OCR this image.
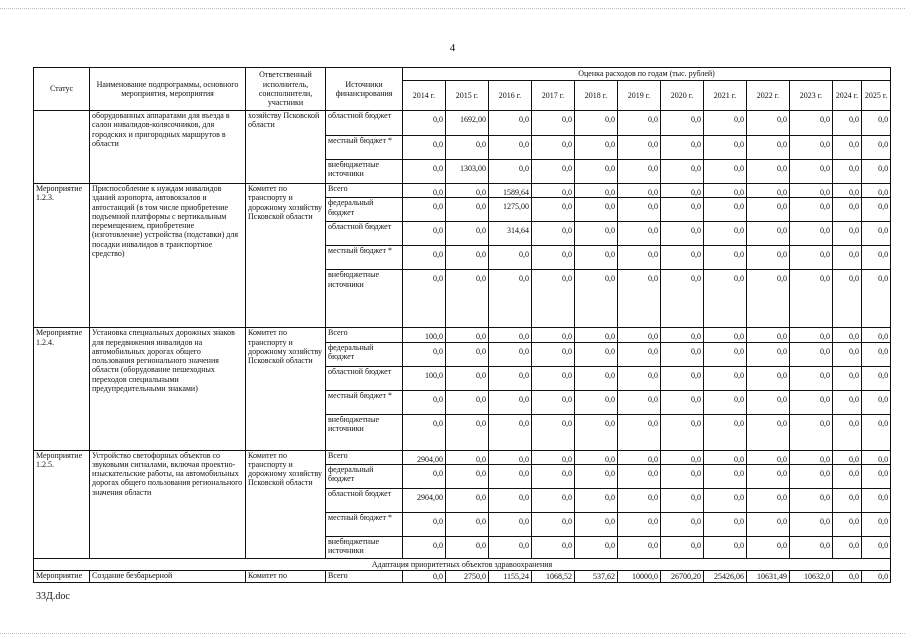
4
Статус	Наименование подпрограммы, основного мероприятия, мероприятия	Ответственный исполнитель, соисполнители, участники	Источники финансирования	Оценка расходов по годам (тыс. рублей)											
				2014 г.	2015 г.	2016 г.	2017 г.	2018 г.	2019 г.	2020 г.	2021 г.	2022 г.	2023 г.	2024 г.	2025 г.
	оборудованных аппаратами для въезда в салон инвалидов-колясочников, для городских и пригородных маршрутов в области	хозяйству Псковской области	областной бюджет	0,0	1692,00	0,0	0,0	0,0	0,0	0,0	0,0	0,0	0,0	0,0	0,0
			местный бюджет *	0,0	0,0	0,0	0,0	0,0	0,0	0,0	0,0	0,0	0,0	0,0	0,0
			внебюджетные источники	0,0	1303,00	0,0	0,0	0,0	0,0	0,0	0,0	0,0	0,0	0,0	0,0
Мероприятие 1.2.3.	Приспособление к нуждам инвалидов зданий аэропорта, автовокзалов и автостанций (в том числе приобретение подъемной платформы с вертикальным перемещением, приобретение (изготовление) устройства (подставки) для посадки инвалидов в транспортное средство)	Комитет по транспорту и дорожному хозяйству Псковской области	Всего	0,0	0,0	1589,64	0,0	0,0	0,0	0,0	0,0	0,0	0,0	0,0	0,0
			федеральный бюджет	0,0	0,0	1275,00	0,0	0,0	0,0	0,0	0,0	0,0	0,0	0,0	0,0
			областной бюджет	0,0	0,0	314,64	0,0	0,0	0,0	0,0	0,0	0,0	0,0	0,0	0,0
			местный бюджет *	0,0	0,0	0,0	0,0	0,0	0,0	0,0	0,0	0,0	0,0	0,0	0,0
			внебюджетные источники	0,0	0,0	0,0	0,0	0,0	0,0	0,0	0,0	0,0	0,0	0,0	0,0
Мероприятие 1.2.4.	Установка специальных дорожных знаков для передвижения инвалидов на автомобильных дорогах общего пользования регионального значения области (оборудование пешеходных переходов специальными предупредительными знаками)	Комитет по транспорту и дорожному хозяйству Псковской области	Всего	100,0	0,0	0,0	0,0	0,0	0,0	0,0	0,0	0,0	0,0	0,0	0,0
			федеральный бюджет	0,0	0,0	0,0	0,0	0,0	0,0	0,0	0,0	0,0	0,0	0,0	0,0
			областной бюджет	100,0	0,0	0,0	0,0	0,0	0,0	0,0	0,0	0,0	0,0	0,0	0,0
			местный бюджет *	0,0	0,0	0,0	0,0	0,0	0,0	0,0	0,0	0,0	0,0	0,0	0,0
			внебюджетные источники	0,0	0,0	0,0	0,0	0,0	0,0	0,0	0,0	0,0	0,0	0,0	0,0
Мероприятие 1.2.5.	Устройство светофорных объектов со звуковыми сигналами, включая проектно-изыскательские работы, на автомобильных дорогах общего пользования регионального значения области	Комитет по транспорту и дорожному хозяйству Псковской области	Всего	2904,00	0,0	0,0	0,0	0,0	0,0	0,0	0,0	0,0	0,0	0,0	0,0
			федеральный бюджет	0,0	0,0	0,0	0,0	0,0	0,0	0,0	0,0	0,0	0,0	0,0	0,0
			областной бюджет	2904,00	0,0	0,0	0,0	0,0	0,0	0,0	0,0	0,0	0,0	0,0	0,0
			местный бюджет *	0,0	0,0	0,0	0,0	0,0	0,0	0,0	0,0	0,0	0,0	0,0	0,0
			внебюджетные источники	0,0	0,0	0,0	0,0	0,0	0,0	0,0	0,0	0,0	0,0	0,0	0,0
Адаптация приоритетных объектов здравоохранения															
Мероприятие	Создание безбарьерной	Комитет по	Всего	0,0	2750,0	1155,24	1068,52	537,62	10000,0	26700,20	25426,06	10631,49	10632,0	0,0	0,0
33Д.doc
